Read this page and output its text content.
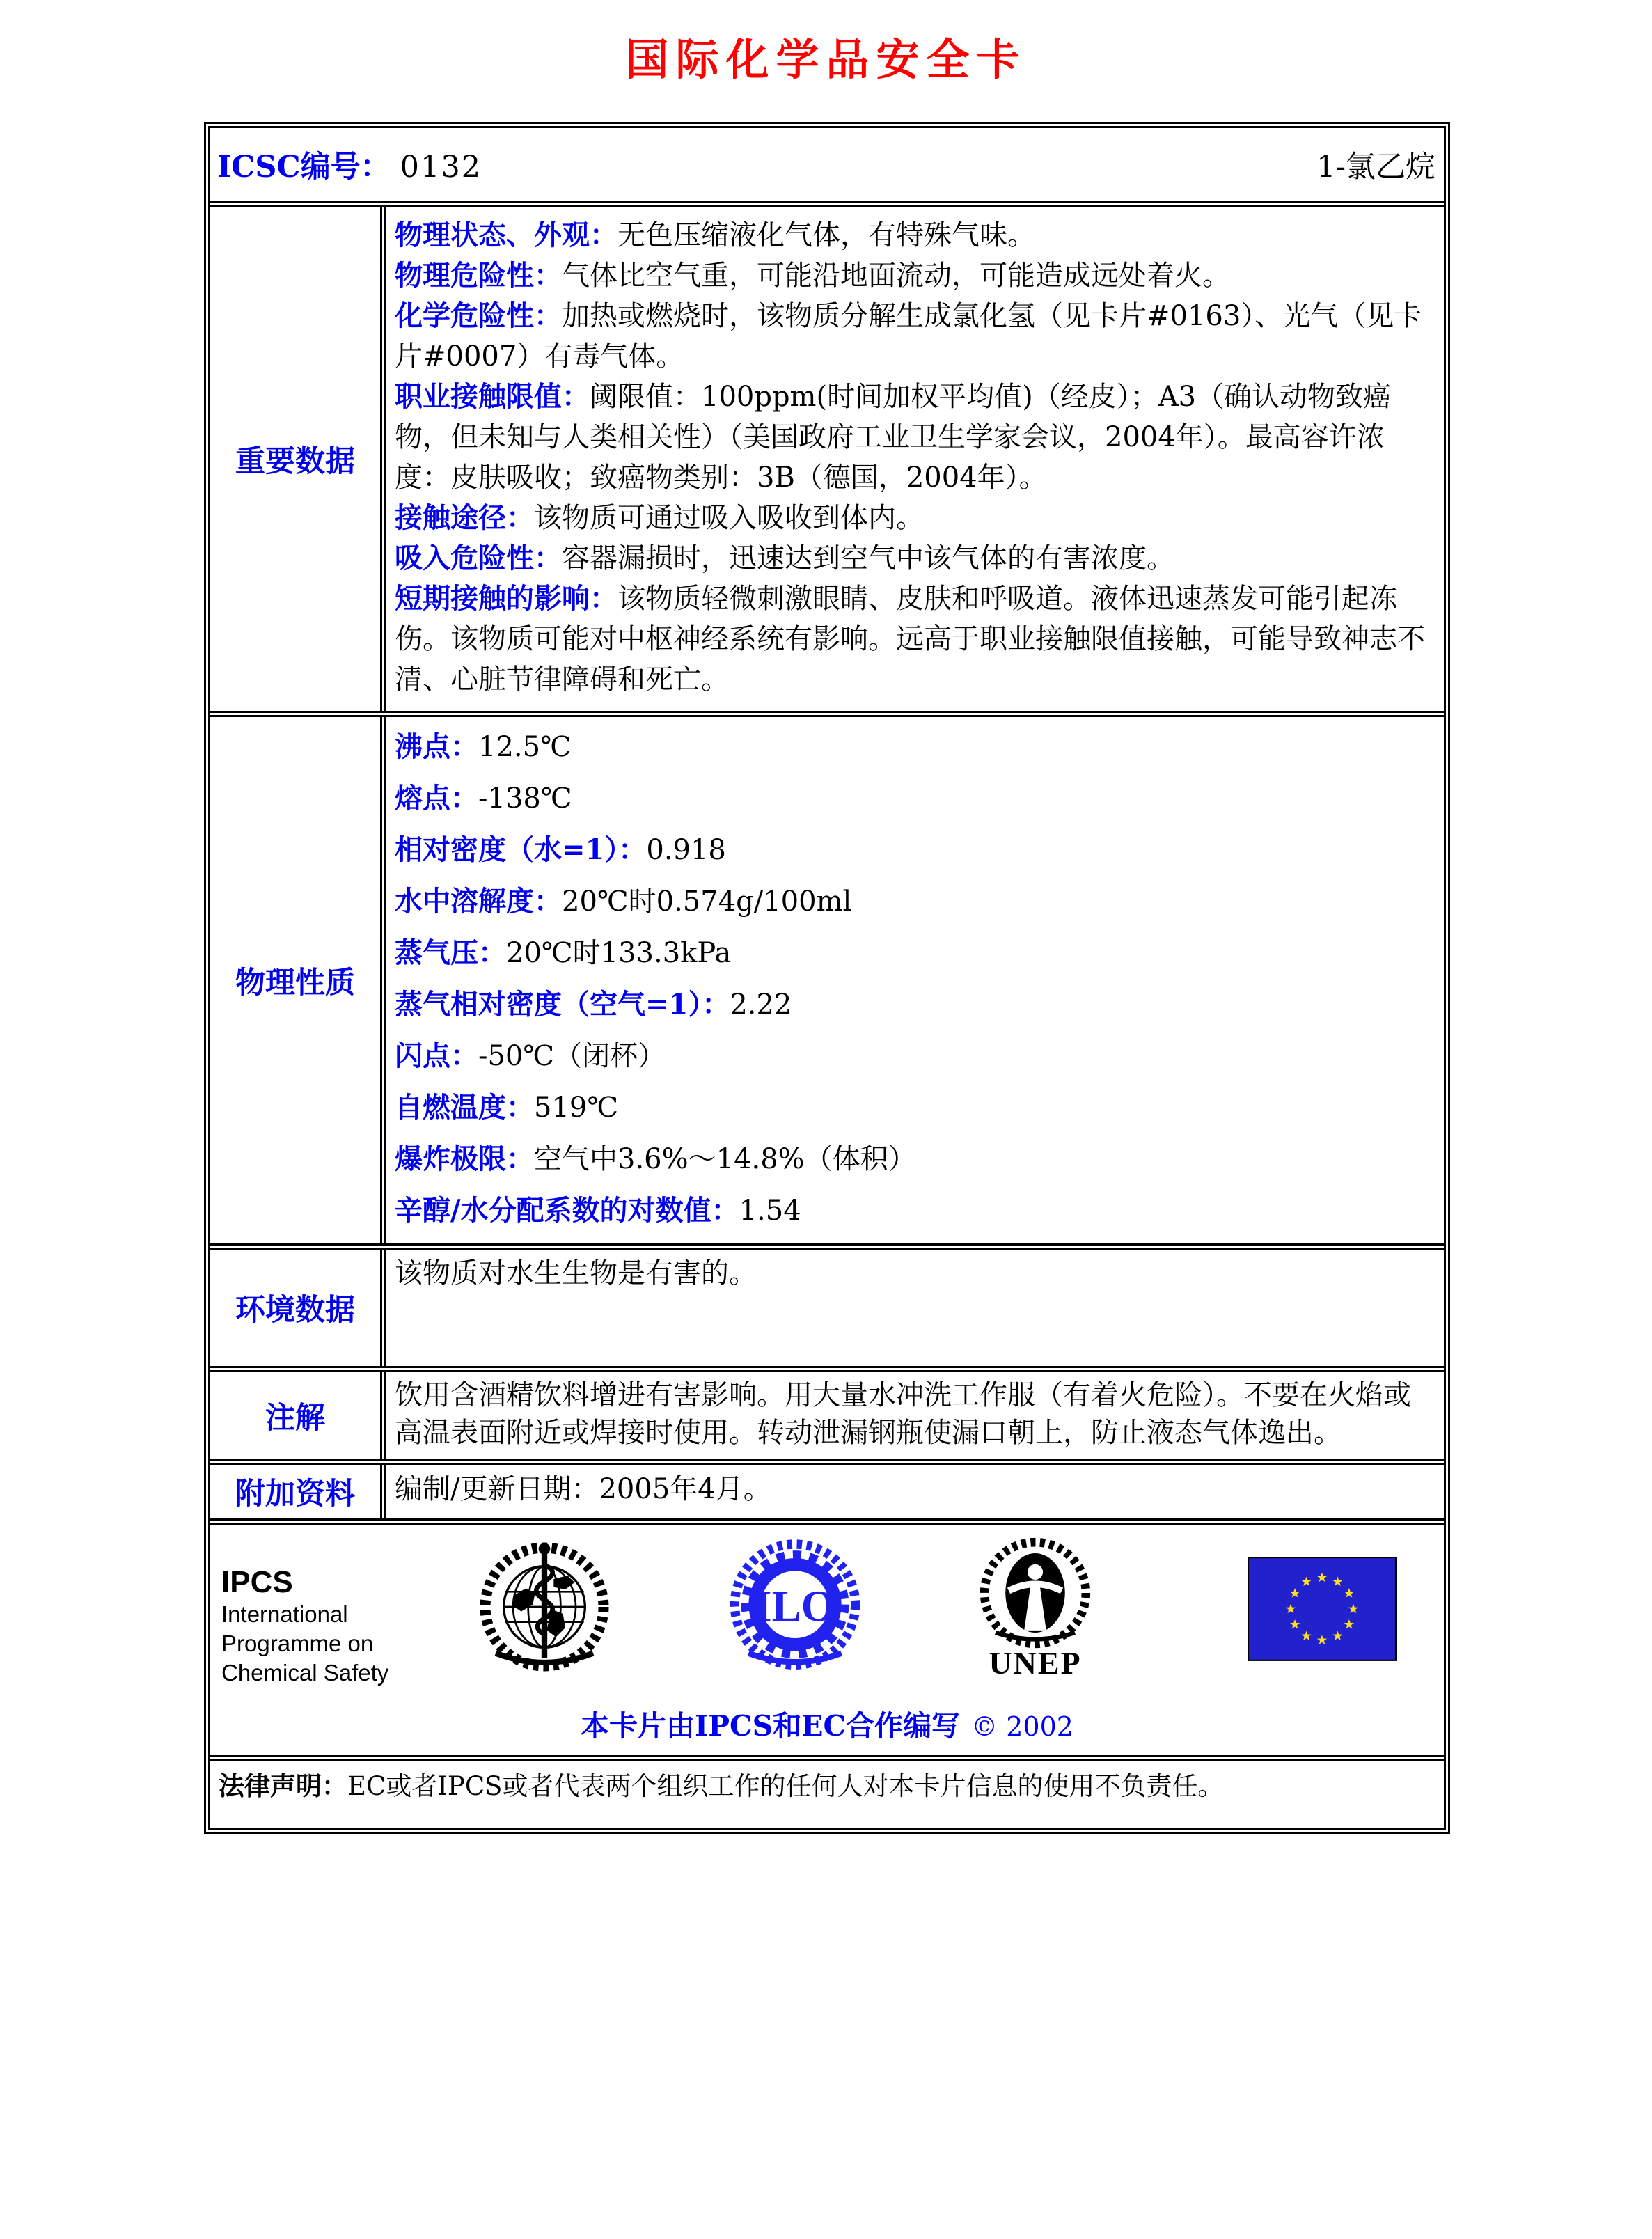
国际化学品安全卡
ICSC编号： 0132	1-氯乙烷
重要数据
物理状态、外观：无色压缩液化气体，有特殊气味。
物理危险性：气体比空气重，可能沿地面流动，可能造成远处着火。
化学危险性：加热或燃烧时，该物质分解生成氯化氢（见卡片#0163）、光气（见卡片#0007）有毒气体。
职业接触限值：阈限值：100ppm(时间加权平均值)（经皮）；A3（确认动物致癌物，但未知与人类相关性）（美国政府工业卫生学家会议，2004年）。最高容许浓度：皮肤吸收；致癌物类别：3B（德国，2004年）。
接触途径：该物质可通过吸入吸收到体内。
吸入危险性：容器漏损时，迅速达到空气中该气体的有害浓度。
短期接触的影响：该物质轻微刺激眼睛、皮肤和呼吸道。液体迅速蒸发可能引起冻伤。该物质可能对中枢神经系统有影响。远高于职业接触限值接触，可能导致神志不清、心脏节律障碍和死亡。
物理性质
沸点：12.5℃
熔点：-138℃
相对密度（水=1）：0.918
水中溶解度：20℃时0.574g/100ml
蒸气压：20℃时133.3kPa
蒸气相对密度（空气=1）：2.22
闪点：-50℃（闭杯）
自燃温度：519℃
爆炸极限：空气中3.6%～14.8%（体积）
辛醇/水分配系数的对数值：1.54
环境数据
该物质对水生生物是有害的。
注解
饮用含酒精饮料增进有害影响。用大量水冲洗工作服（有着火危险）。不要在火焰或高温表面附近或焊接时使用。转动泄漏钢瓶使漏口朝上，防止液态气体逸出。
附加资料	编制/更新日期：2005年4月。
IPCS
International
Programme on
Chemical Safety
ILO
UNEP
本卡片由IPCS和EC合作编写 © 2002
法律声明：EC或者IPCS或者代表两个组织工作的任何人对本卡片信息的使用不负责任。
